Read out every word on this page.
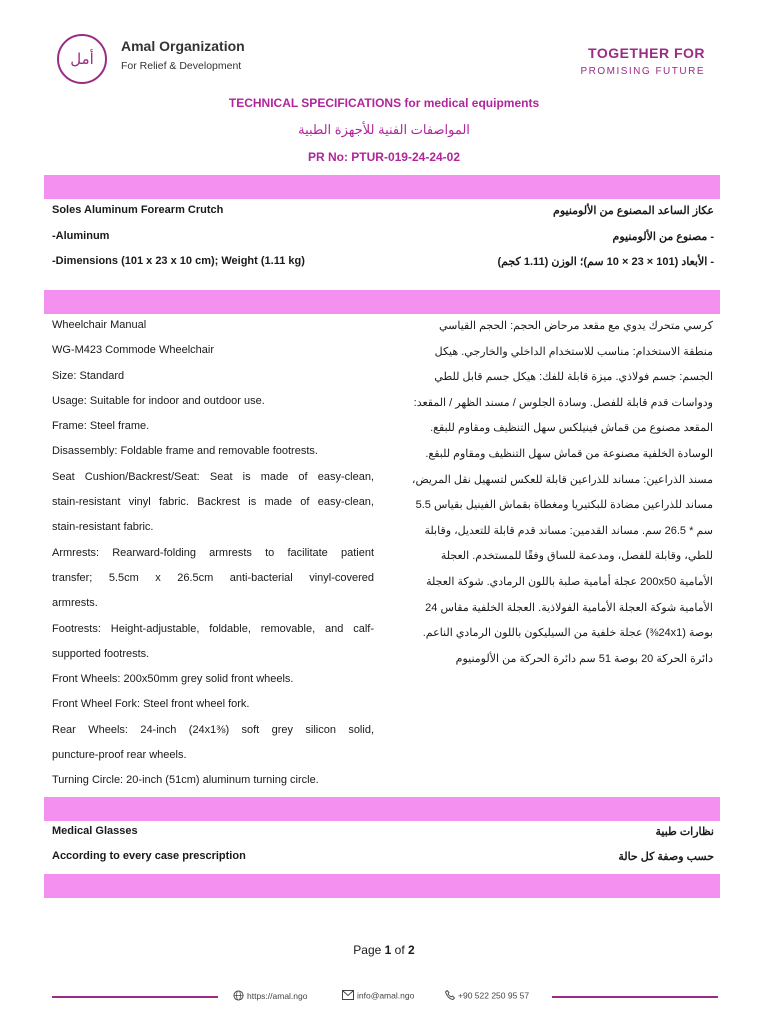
أمل
Amal Organization
For Relief & Development
TOGETHER FOR
PROMISING FUTURE
TECHNICAL SPECIFICATIONS for medical equipments
المواصفات الفنية للأجهزة الطبية
PR No: PTUR-019-24-24-02
Soles Aluminum Forearm Crutch	عكاز الساعد المصنوع من الألومنيوم
-Aluminum	- مصنوع من الألومنيوم
-Dimensions (101 x 23 x 10 cm); Weight (1.11 kg)	- الأبعاد (101 × 23 × 10 سم)؛ الوزن (1.11 كجم)
Wheelchair Manual
WG-M423 Commode Wheelchair
Size: Standard
Usage: Suitable for indoor and outdoor use.
Frame: Steel frame.
Disassembly: Foldable frame and removable footrests.
Seat Cushion/Backrest/Seat: Seat is made of easy-clean,
stain-resistant vinyl fabric. Backrest is made of easy-clean,
stain-resistant fabric.
Armrests: Rearward-folding armrests to facilitate patient
transfer; 5.5cm x 26.5cm anti-bacterial vinyl-covered
armrests.
Footrests: Height-adjustable, foldable, removable, and calf-
supported footrests.
Front Wheels: 200x50mm grey solid front wheels.
Front Wheel Fork: Steel front wheel fork.
Rear Wheels: 24-inch (24x1⅜) soft grey silicon solid,
puncture-proof rear wheels.
Turning Circle: 20-inch (51cm) aluminum turning circle.
كرسي متحرك يدوي مع مقعد مرحاض الحجم: الحجم القياسي
منطقة الاستخدام: مناسب للاستخدام الداخلي والخارجي. هيكل
الجسم: جسم فولاذي. ميزة قابلة للفك: هيكل جسم قابل للطي
ودواسات قدم قابلة للفصل. وسادة الجلوس / مسند الظهر / المقعد:
المقعد مصنوع من قماش فينيلكس سهل التنظيف ومقاوم للبقع.
الوسادة الخلفية مصنوعة من قماش سهل التنظيف ومقاوم للبقع.
مسند الذراعين: مساند للذراعين قابلة للعكس لتسهيل نقل المريض،
مساند للذراعين مضادة للبكتيريا ومغطاة بقماش الفينيل بقياس 5.5
سم * 26.5 سم. مساند القدمين: مساند قدم قابلة للتعديل، وقابلة
للطي، وقابلة للفصل، ومدعمة للساق وفقًا للمستخدم. العجلة
الأمامية 200x50 عجلة أمامية صلبة باللون الرمادي. شوكة العجلة
الأمامية شوكة العجلة الأمامية الفولاذية. العجلة الخلفية مقاس 24
بوصة (24x1⅜) عجلة خلفية من السيليكون باللون الرمادي الناعم.
دائرة الحركة 20 بوصة 51 سم دائرة الحركة من الألومنيوم
Medical Glasses	نظارات طبية
According to every case prescription	حسب وصفة كل حالة
Page 1 of 2
https://amal.ngo	info@amal.ngo	+90 522 250 95 57
